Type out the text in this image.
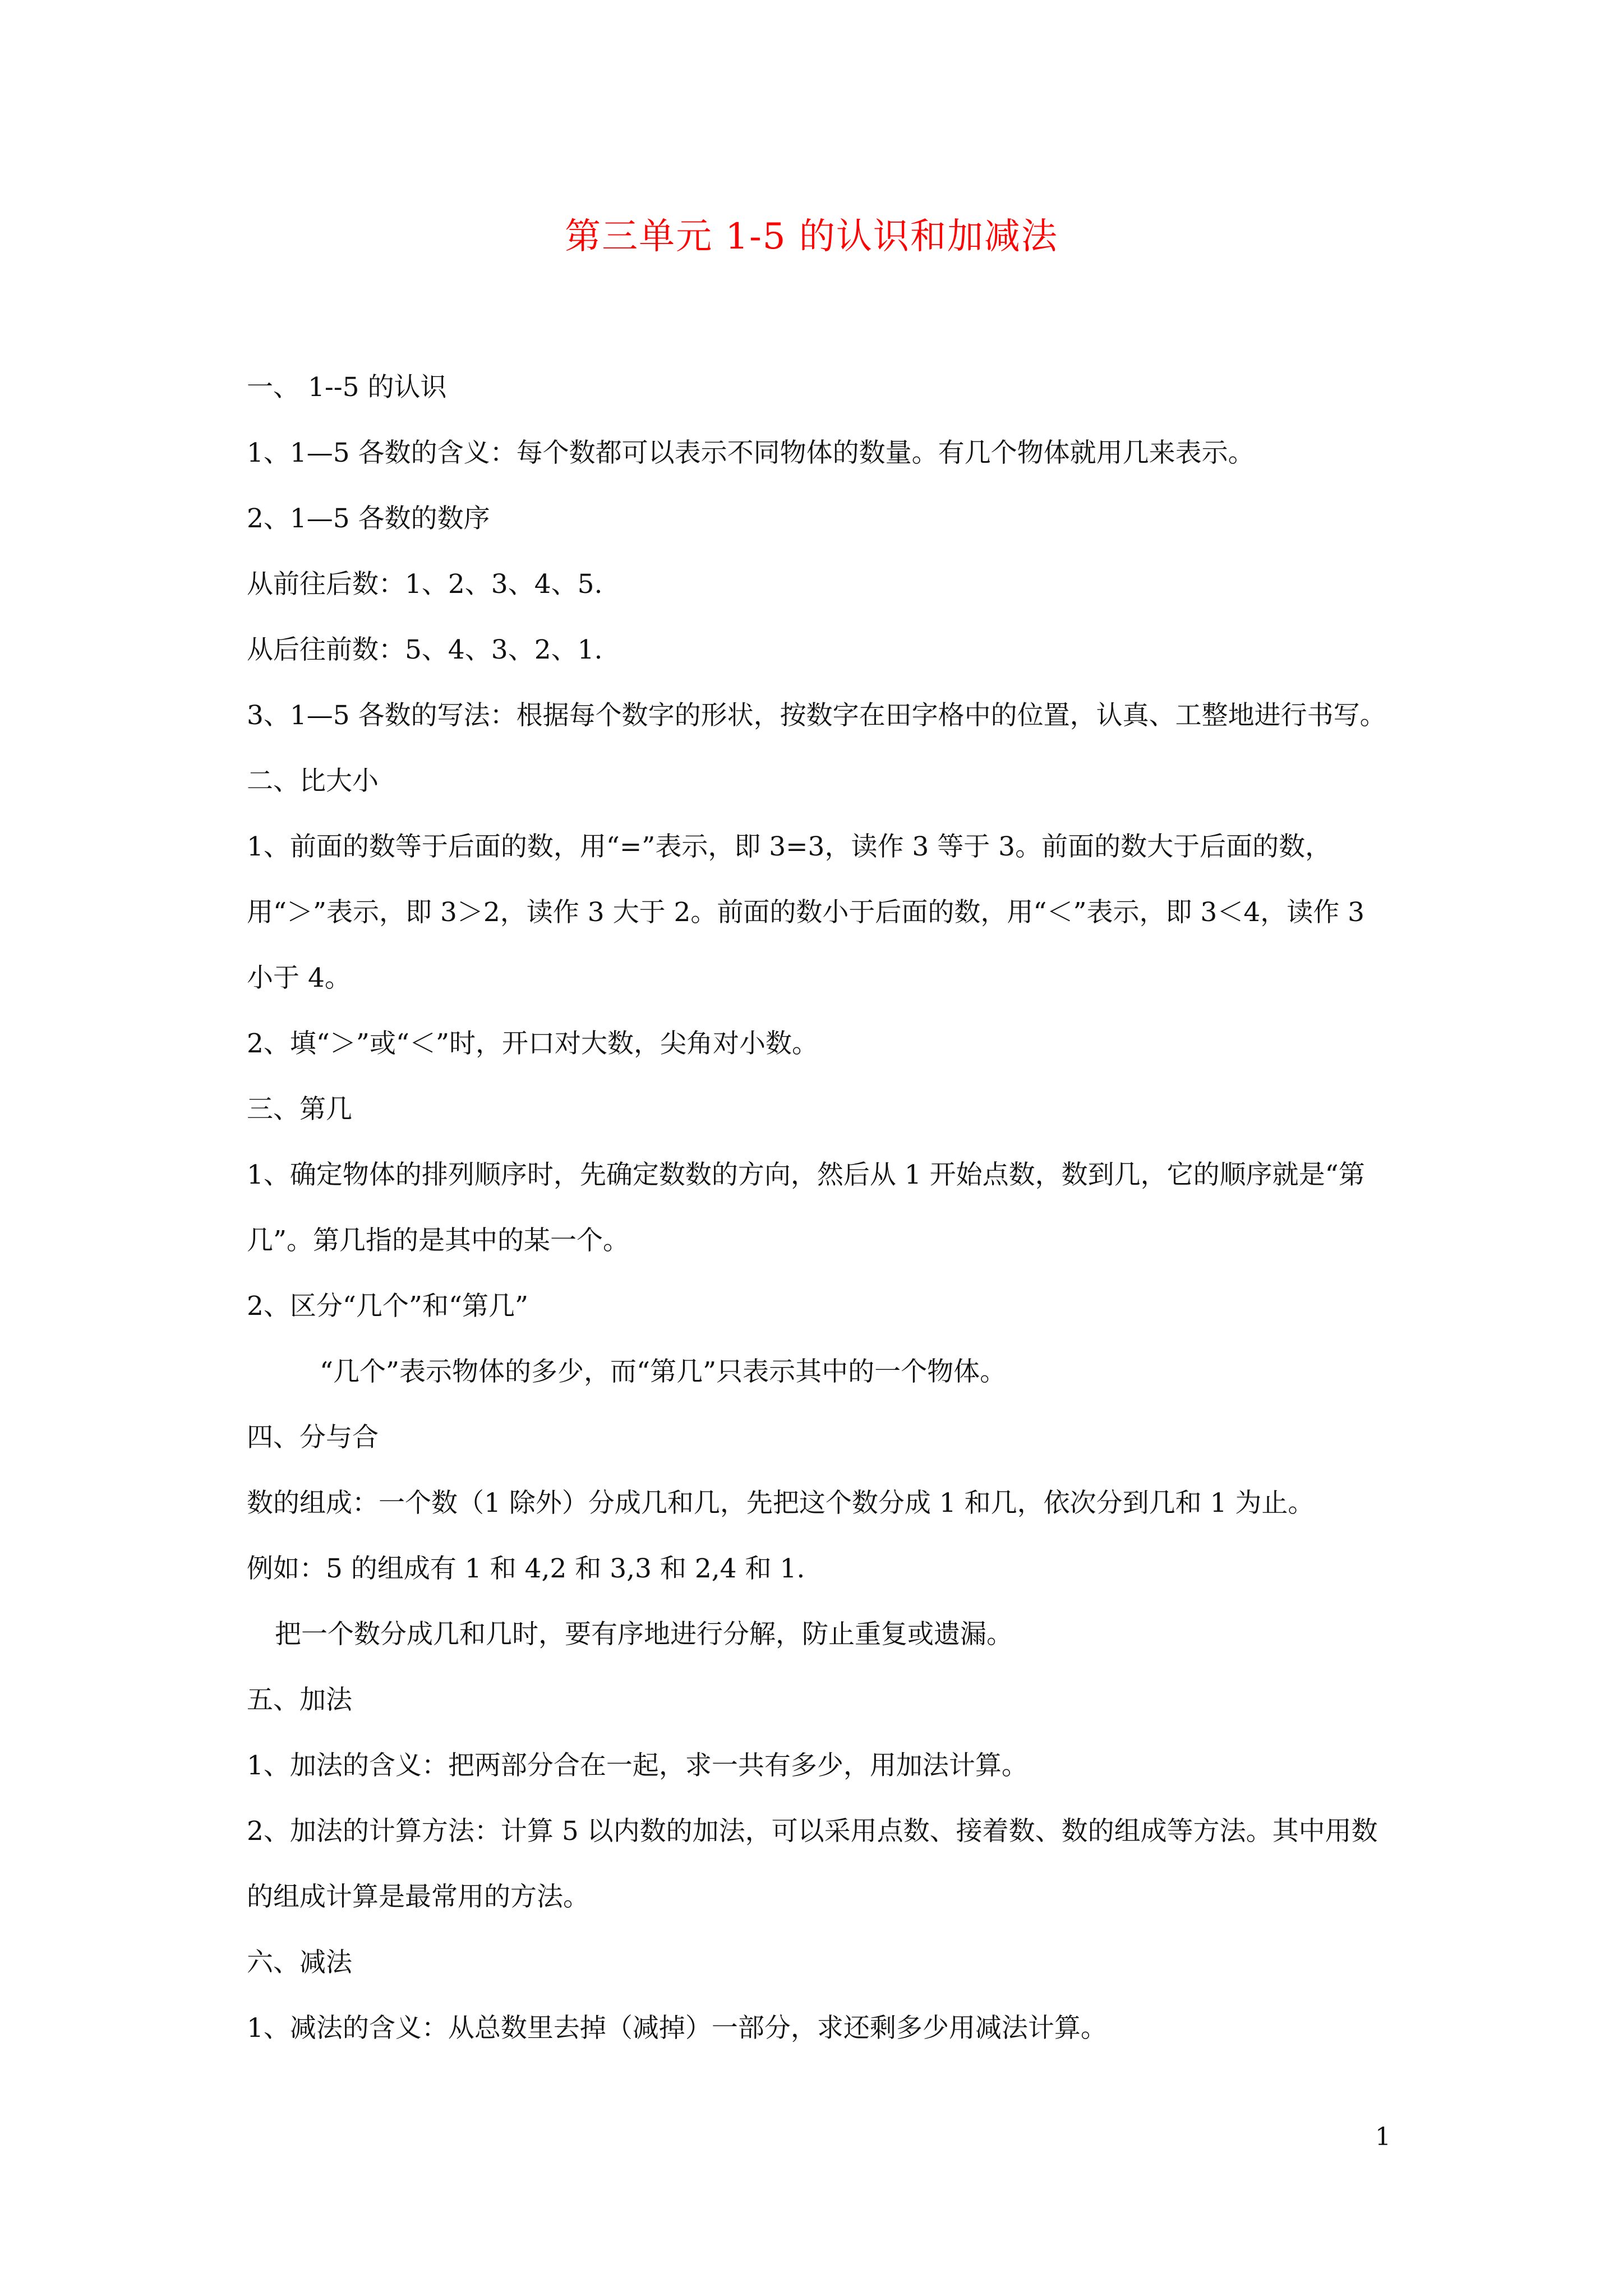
第三单元 1-5 的认识和加减法

一、 1--5 的认识

1、1—5 各数的含义：每个数都可以表示不同物体的数量。有几个物体就用几来表示。

2、1—5 各数的数序

从前往后数：1、2、3、4、5.

从后往前数：5、4、3、2、1.

3、1—5 各数的写法：根据每个数字的形状，按数字在田字格中的位置，认真、工整地进行书写。

二、比大小

1、前面的数等于后面的数，用“=”表示，即 3=3，读作 3 等于 3。前面的数大于后面的数，用“＞”表示，即 3＞2，读作 3 大于 2。前面的数小于后面的数，用“＜”表示，即 3＜4，读作 3 小于 4。

2、填“＞”或“＜”时，开口对大数，尖角对小数。

三、第几

1、确定物体的排列顺序时，先确定数数的方向，然后从 1 开始点数，数到几，它的顺序就是“第几”。第几指的是其中的某一个。

2、区分“几个”和“第几”

“几个”表示物体的多少，而“第几”只表示其中的一个物体。

四、分与合

数的组成：一个数（1 除外）分成几和几，先把这个数分成 1 和几，依次分到几和 1 为止。

例如：5 的组成有 1 和 4,2 和 3,3 和 2,4 和 1.

把一个数分成几和几时，要有序地进行分解，防止重复或遗漏。

五、加法

1、加法的含义：把两部分合在一起，求一共有多少，用加法计算。

2、加法的计算方法：计算 5 以内数的加法，可以采用点数、接着数、数的组成等方法。其中用数的组成计算是最常用的方法。

六、减法

1、减法的含义：从总数里去掉（减掉）一部分，求还剩多少用减法计算。

1
